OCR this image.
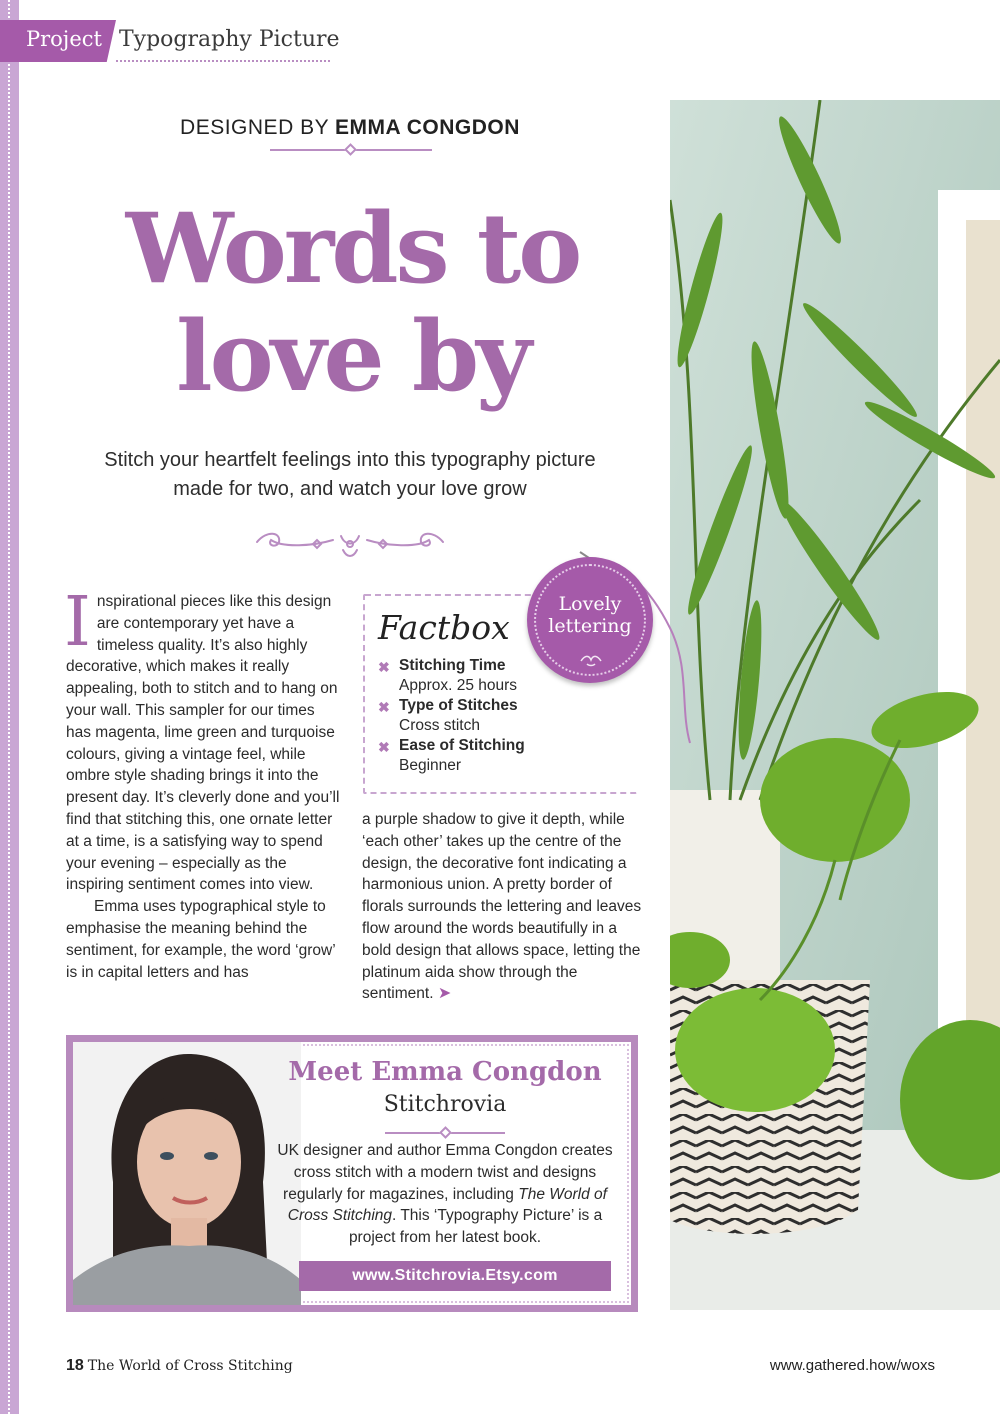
Project Typography Picture
DESIGNED BY EMMA CONGDON
Words to
love by
Stitch your heartfelt feelings into this typography picture
made for two, and watch your love grow

Inspirational pieces like this design are contemporary yet have a timeless quality. It’s also highly decorative, which makes it really appealing, both to stitch and to hang on your wall. This sampler for our times has magenta, lime green and turquoise colours, giving a vintage feel, while ombre style shading brings it into the present day. It’s cleverly done and you’ll find that stitching this, one ornate letter at a time, is a satisfying way to spend your evening – especially as the inspiring sentiment comes into view.

Emma uses typographical style to emphasise the meaning behind the sentiment, for example, the word ‘grow’ is in capital letters and has

a purple shadow to give it depth, while ‘each other’ takes up the centre of the design, the decorative font indicating a harmonious union. A pretty border of florals surrounds the lettering and leaves flow around the words beautifully in a bold design that allows space, letting the platinum aida show through the sentiment. ➤
Factbox
✖ Stitching Time
Approx. 25 hours
✖ Type of Stitches
Cross stitch
✖ Ease of Stitching
Beginner
Lovely
lettering
Meet Emma Congdon
Stitchrovia
UK designer and author Emma Congdon creates cross stitch with a modern twist and designs regularly for magazines, including The World of Cross Stitching. This ‘Typography Picture’ is a project from her latest book.
www.Stitchrovia.Etsy.com
18 The World of Cross Stitching	www.gathered.how/woxs
